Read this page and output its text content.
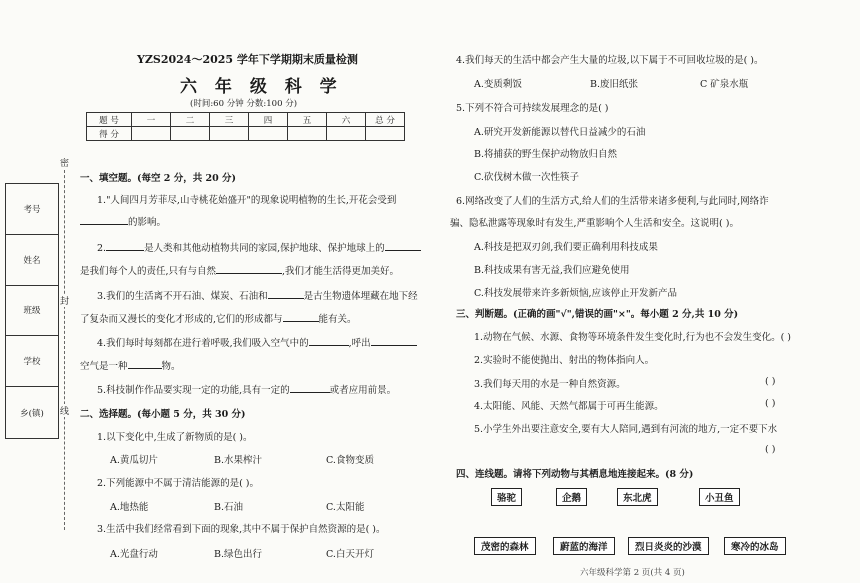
YZS2024～2025 学年下学期期末质量检测
六 年 级 科 学
(时间:60 分钟 分数:100 分)
题 号	一	二	三	四	五	六	总 分
得 分							
考号
姓名
班级
学校
乡(镇)
密
封
线
一、填空题。(每空 2 分，共 20 分)
1."人间四月芳菲尽,山寺桃花始盛开"的现象说明植物的生长,开花会受到
的影响。
2.	是人类和其他动植物共同的家园,保护地球、保护地球上的
是我们每个人的责任,只有与自然	,我们才能生活得更加美好。
3.我们的生活离不开石油、煤炭、石油和	是古生物遗体埋藏在地下经
了复杂而又漫长的变化才形成的,它们的形成都与	能有关。
4.我们每时每刻都在进行着呼吸,我们吸入空气中的	,呼出
空气是一种	物。
5.科技制作作品要实现一定的功能,具有一定的	或者应用前景。
二、选择题。(每小题 5 分，共 30 分)
1.以下变化中,生成了新物质的是( )。
A.黄瓜切片	B.水果榨汁	C.食物变质
2.下列能源中不属于清洁能源的是( )。
A.地热能	B.石油	C.太阳能
3.生活中我们经常看到下面的现象,其中不属于保护自然资源的是( )。
A.光盘行动	B.绿色出行	C.白天开灯
4.我们每天的生活中都会产生大量的垃圾,以下属于不可回收垃圾的是( )。
A.变质剩饭	B.废旧纸张	C 矿泉水瓶
5.下列不符合可持续发展理念的是( )
A.研究开发新能源以替代日益减少的石油
B.将捕获的野生保护动物放归自然
C.砍伐树木做一次性筷子
6.网络改变了人们的生活方式,给人们的生活带来诸多便利,与此同时,网络诈
骗、隐私泄露等现象时有发生,严重影响个人生活和安全。这说明( )。
A.科技是把双刃剑,我们要正确利用科技成果
B.科技成果有害无益,我们应避免使用
C.科技发展带来许多新烦恼,应该停止开发新产品
三、判断题。(正确的画"√",错误的画"×"。每小题 2 分,共 10 分)
1.动物在气候、水源、食物等环境条件发生变化时,行为也不会发生变化。( )
2.实验时不能使抛出、射出的物体指向人。
3.我们每天用的水是一种自然资源。	( )
4.太阳能、风能、天然气都属于可再生能源。	( )
5.小学生外出要注意安全,要有大人陪同,遇到有河流的地方,一定不要下水
( )
四、连线题。请将下列动物与其栖息地连接起来。(8 分)
骆驼	企鹅	东北虎	小丑鱼
茂密的森林	蔚蓝的海洋	烈日炎炎的沙漠	寒冷的冰岛
六年级科学第 2 页(共 4 页)
